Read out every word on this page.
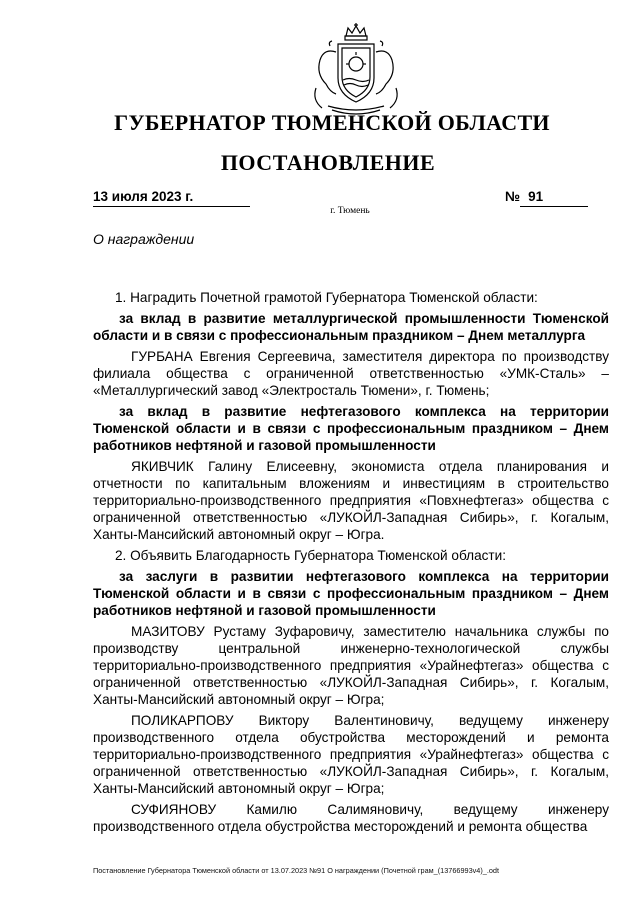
ГУБЕРНАТОР ТЮМЕНСКОЙ ОБЛАСТИ
ПОСТАНОВЛЕНИЕ
13 июля 2023 г.	№ 91
г. Тюмень
О награждении

1. Наградить Почетной грамотой Губернатора Тюменской области:

за вклад в развитие металлургической промышленности Тюменской области и в связи с профессиональным праздником – Днем металлурга

ГУРБАНА Евгения Сергеевича, заместителя директора по производству филиала общества с ограниченной ответственностью «УМК-Сталь» – «Металлургический завод «Электросталь Тюмени», г. Тюмень;

за вклад в развитие нефтегазового комплекса на территории Тюменской области и в связи с профессиональным праздником – Днем работников нефтяной и газовой промышленности

ЯКИВЧИК Галину Елисеевну, экономиста отдела планирования и отчетности по капитальным вложениям и инвестициям в строительство территориально-производственного предприятия «Повхнефтегаз» общества с ограниченной ответственностью «ЛУКОЙЛ-Западная Сибирь», г. Когалым, Ханты-Мансийский автономный округ – Югра.

2. Объявить Благодарность Губернатора Тюменской области:

за заслуги в развитии нефтегазового комплекса на территории Тюменской области и в связи с профессиональным праздником – Днем работников нефтяной и газовой промышленности

МАЗИТОВУ Рустаму Зуфаровичу, заместителю начальника службы по производству центральной инженерно-технологической службы территориально-производственного предприятия «Урайнефтегаз» общества с ограниченной ответственностью «ЛУКОЙЛ-Западная Сибирь», г. Когалым, Ханты-Мансийский автономный округ – Югра;

ПОЛИКАРПОВУ Виктору Валентиновичу, ведущему инженеру производственного отдела обустройства месторождений и ремонта территориально-производственного предприятия «Урайнефтегаз» общества с ограниченной ответственностью «ЛУКОЙЛ-Западная Сибирь», г. Когалым, Ханты-Мансийский автономный округ – Югра;

СУФИЯНОВУ Камилю Салимяновичу, ведущему инженеру производственного отдела обустройства месторождений и ремонта общества

Постановление Губернатора Тюменской области от 13.07.2023 №91 О награждении (Почетной грам_(13766993v4)_.odt
